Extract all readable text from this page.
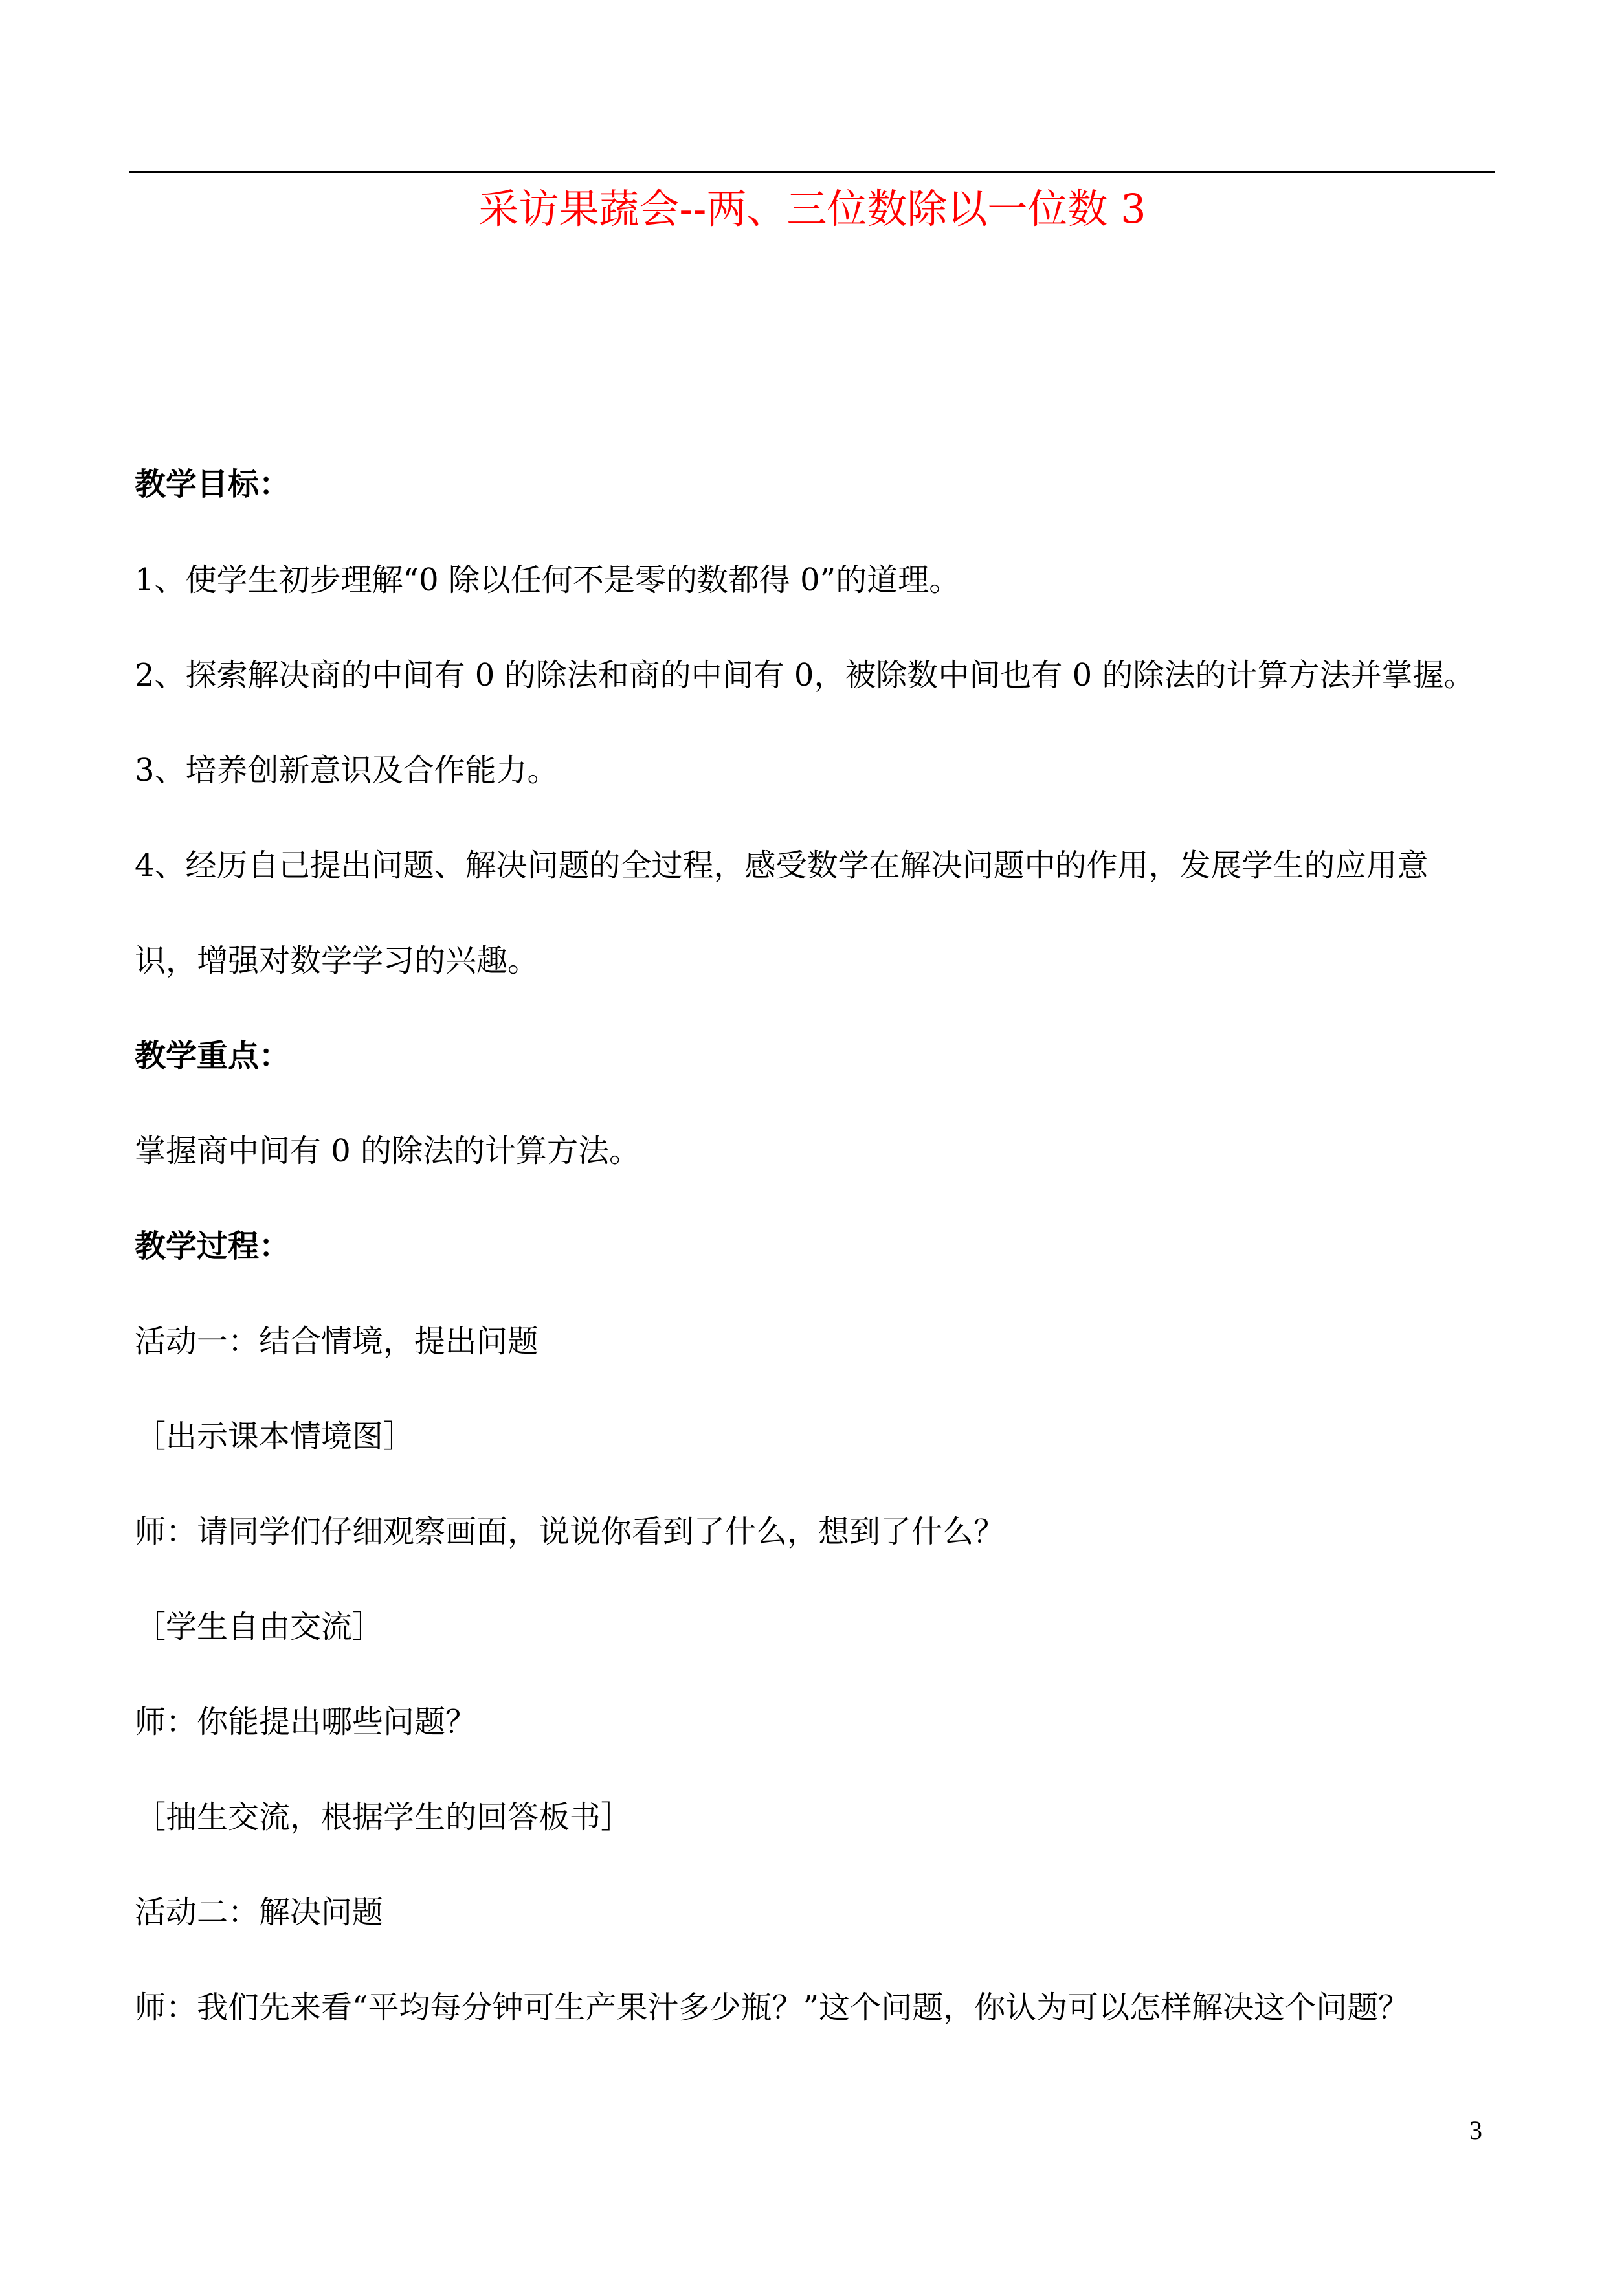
采访果蔬会--两、三位数除以一位数 3
教学目标：
1、使学生初步理解“0 除以任何不是零的数都得 0”的道理。
2、探索解决商的中间有 0 的除法和商的中间有 0，被除数中间也有 0 的除法的计算方法并掌握。
3、培养创新意识及合作能力。
4、经历自己提出问题、解决问题的全过程，感受数学在解决问题中的作用，发展学生的应用意
识，增强对数学学习的兴趣。
教学重点：
掌握商中间有 0 的除法的计算方法。
教学过程：
活动一：结合情境，提出问题
［出示课本情境图］
师：请同学们仔细观察画面，说说你看到了什么，想到了什么？
［学生自由交流］
师：你能提出哪些问题？
［抽生交流，根据学生的回答板书］
活动二：解决问题
师：我们先来看“平均每分钟可生产果汁多少瓶？”这个问题，你认为可以怎样解决这个问题？
3
